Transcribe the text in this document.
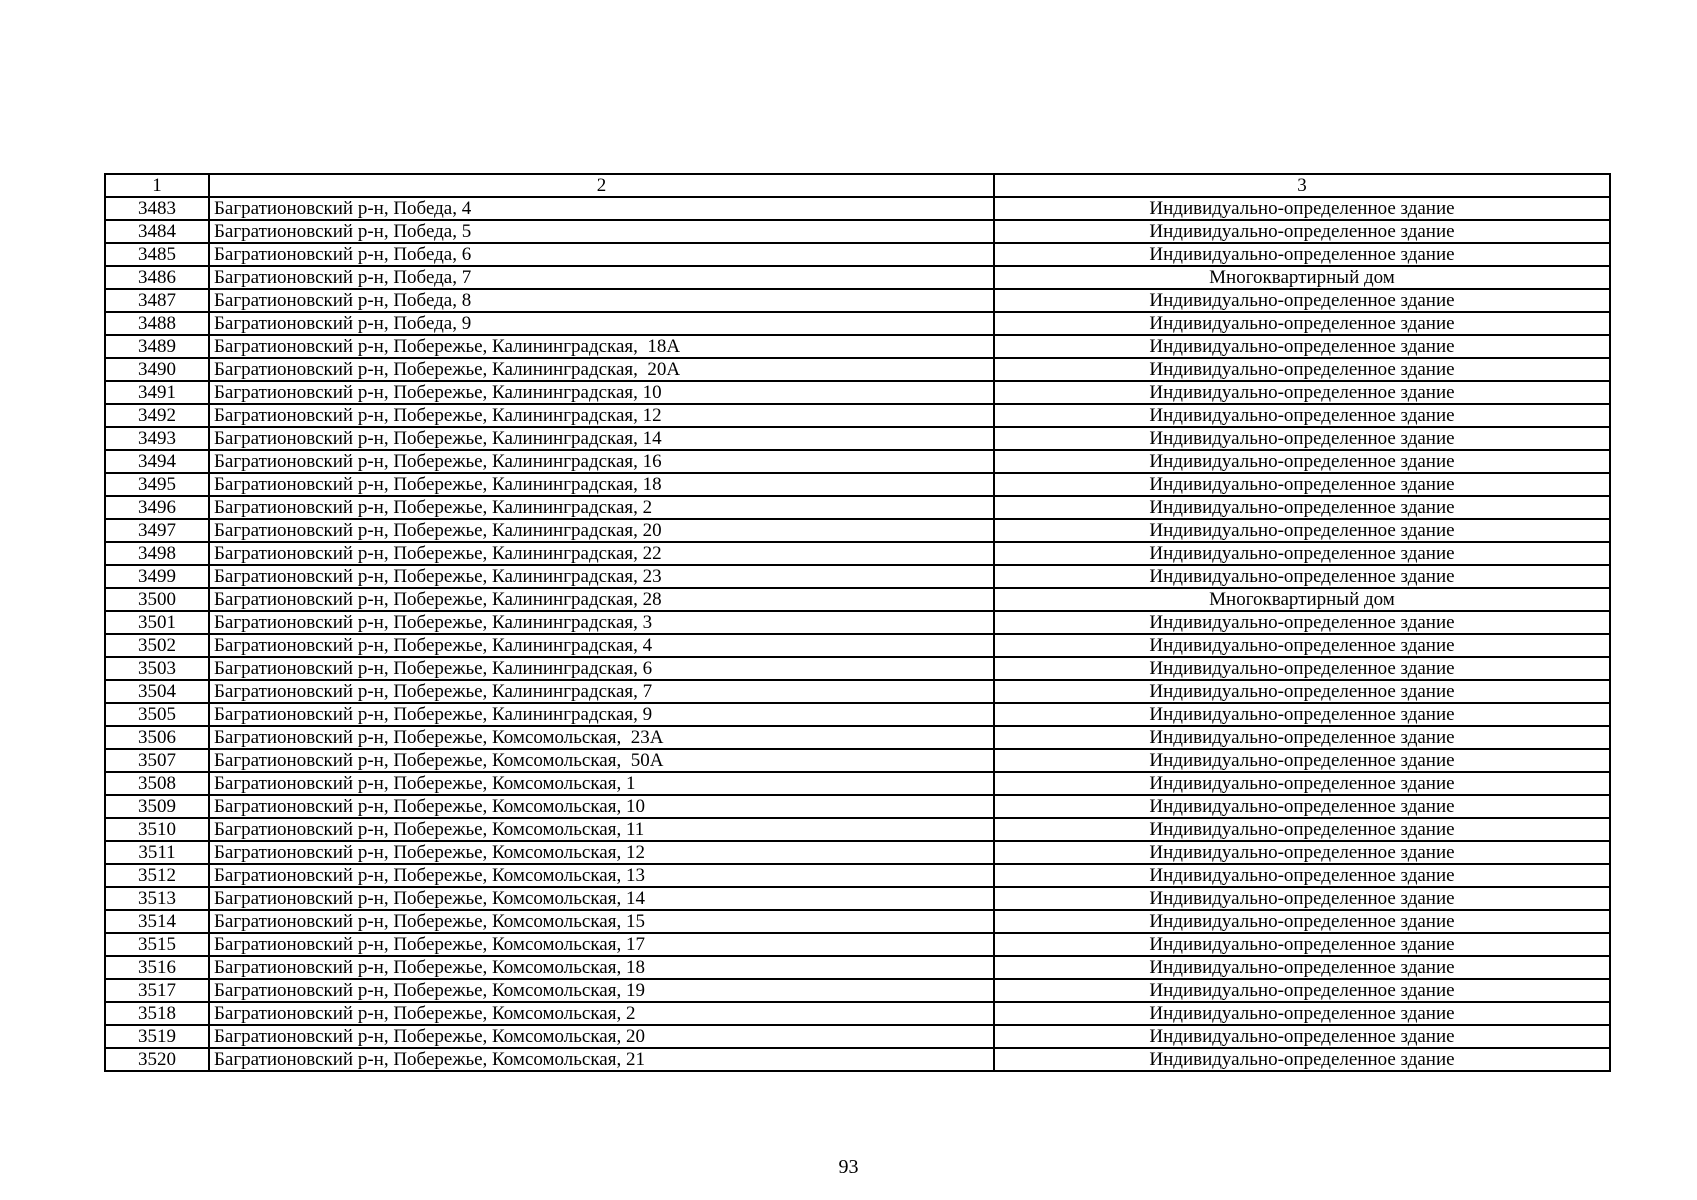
1	2	3
3483	Багратионовский р-н, Победа, 4	Индивидуально-определенное здание
3484	Багратионовский р-н, Победа, 5	Индивидуально-определенное здание
3485	Багратионовский р-н, Победа, 6	Индивидуально-определенное здание
3486	Багратионовский р-н, Победа, 7	Многоквартирный дом
3487	Багратионовский р-н, Победа, 8	Индивидуально-определенное здание
3488	Багратионовский р-н, Победа, 9	Индивидуально-определенное здание
3489	Багратионовский р-н, Побережье, Калининградская,  18А	Индивидуально-определенное здание
3490	Багратионовский р-н, Побережье, Калининградская,  20А	Индивидуально-определенное здание
3491	Багратионовский р-н, Побережье, Калининградская, 10	Индивидуально-определенное здание
3492	Багратионовский р-н, Побережье, Калининградская, 12	Индивидуально-определенное здание
3493	Багратионовский р-н, Побережье, Калининградская, 14	Индивидуально-определенное здание
3494	Багратионовский р-н, Побережье, Калининградская, 16	Индивидуально-определенное здание
3495	Багратионовский р-н, Побережье, Калининградская, 18	Индивидуально-определенное здание
3496	Багратионовский р-н, Побережье, Калининградская, 2	Индивидуально-определенное здание
3497	Багратионовский р-н, Побережье, Калининградская, 20	Индивидуально-определенное здание
3498	Багратионовский р-н, Побережье, Калининградская, 22	Индивидуально-определенное здание
3499	Багратионовский р-н, Побережье, Калининградская, 23	Индивидуально-определенное здание
3500	Багратионовский р-н, Побережье, Калининградская, 28	Многоквартирный дом
3501	Багратионовский р-н, Побережье, Калининградская, 3	Индивидуально-определенное здание
3502	Багратионовский р-н, Побережье, Калининградская, 4	Индивидуально-определенное здание
3503	Багратионовский р-н, Побережье, Калининградская, 6	Индивидуально-определенное здание
3504	Багратионовский р-н, Побережье, Калининградская, 7	Индивидуально-определенное здание
3505	Багратионовский р-н, Побережье, Калининградская, 9	Индивидуально-определенное здание
3506	Багратионовский р-н, Побережье, Комсомольская,  23А	Индивидуально-определенное здание
3507	Багратионовский р-н, Побережье, Комсомольская,  50А	Индивидуально-определенное здание
3508	Багратионовский р-н, Побережье, Комсомольская, 1	Индивидуально-определенное здание
3509	Багратионовский р-н, Побережье, Комсомольская, 10	Индивидуально-определенное здание
3510	Багратионовский р-н, Побережье, Комсомольская, 11	Индивидуально-определенное здание
3511	Багратионовский р-н, Побережье, Комсомольская, 12	Индивидуально-определенное здание
3512	Багратионовский р-н, Побережье, Комсомольская, 13	Индивидуально-определенное здание
3513	Багратионовский р-н, Побережье, Комсомольская, 14	Индивидуально-определенное здание
3514	Багратионовский р-н, Побережье, Комсомольская, 15	Индивидуально-определенное здание
3515	Багратионовский р-н, Побережье, Комсомольская, 17	Индивидуально-определенное здание
3516	Багратионовский р-н, Побережье, Комсомольская, 18	Индивидуально-определенное здание
3517	Багратионовский р-н, Побережье, Комсомольская, 19	Индивидуально-определенное здание
3518	Багратионовский р-н, Побережье, Комсомольская, 2	Индивидуально-определенное здание
3519	Багратионовский р-н, Побережье, Комсомольская, 20	Индивидуально-определенное здание
3520	Багратионовский р-н, Побережье, Комсомольская, 21	Индивидуально-определенное здание
93
